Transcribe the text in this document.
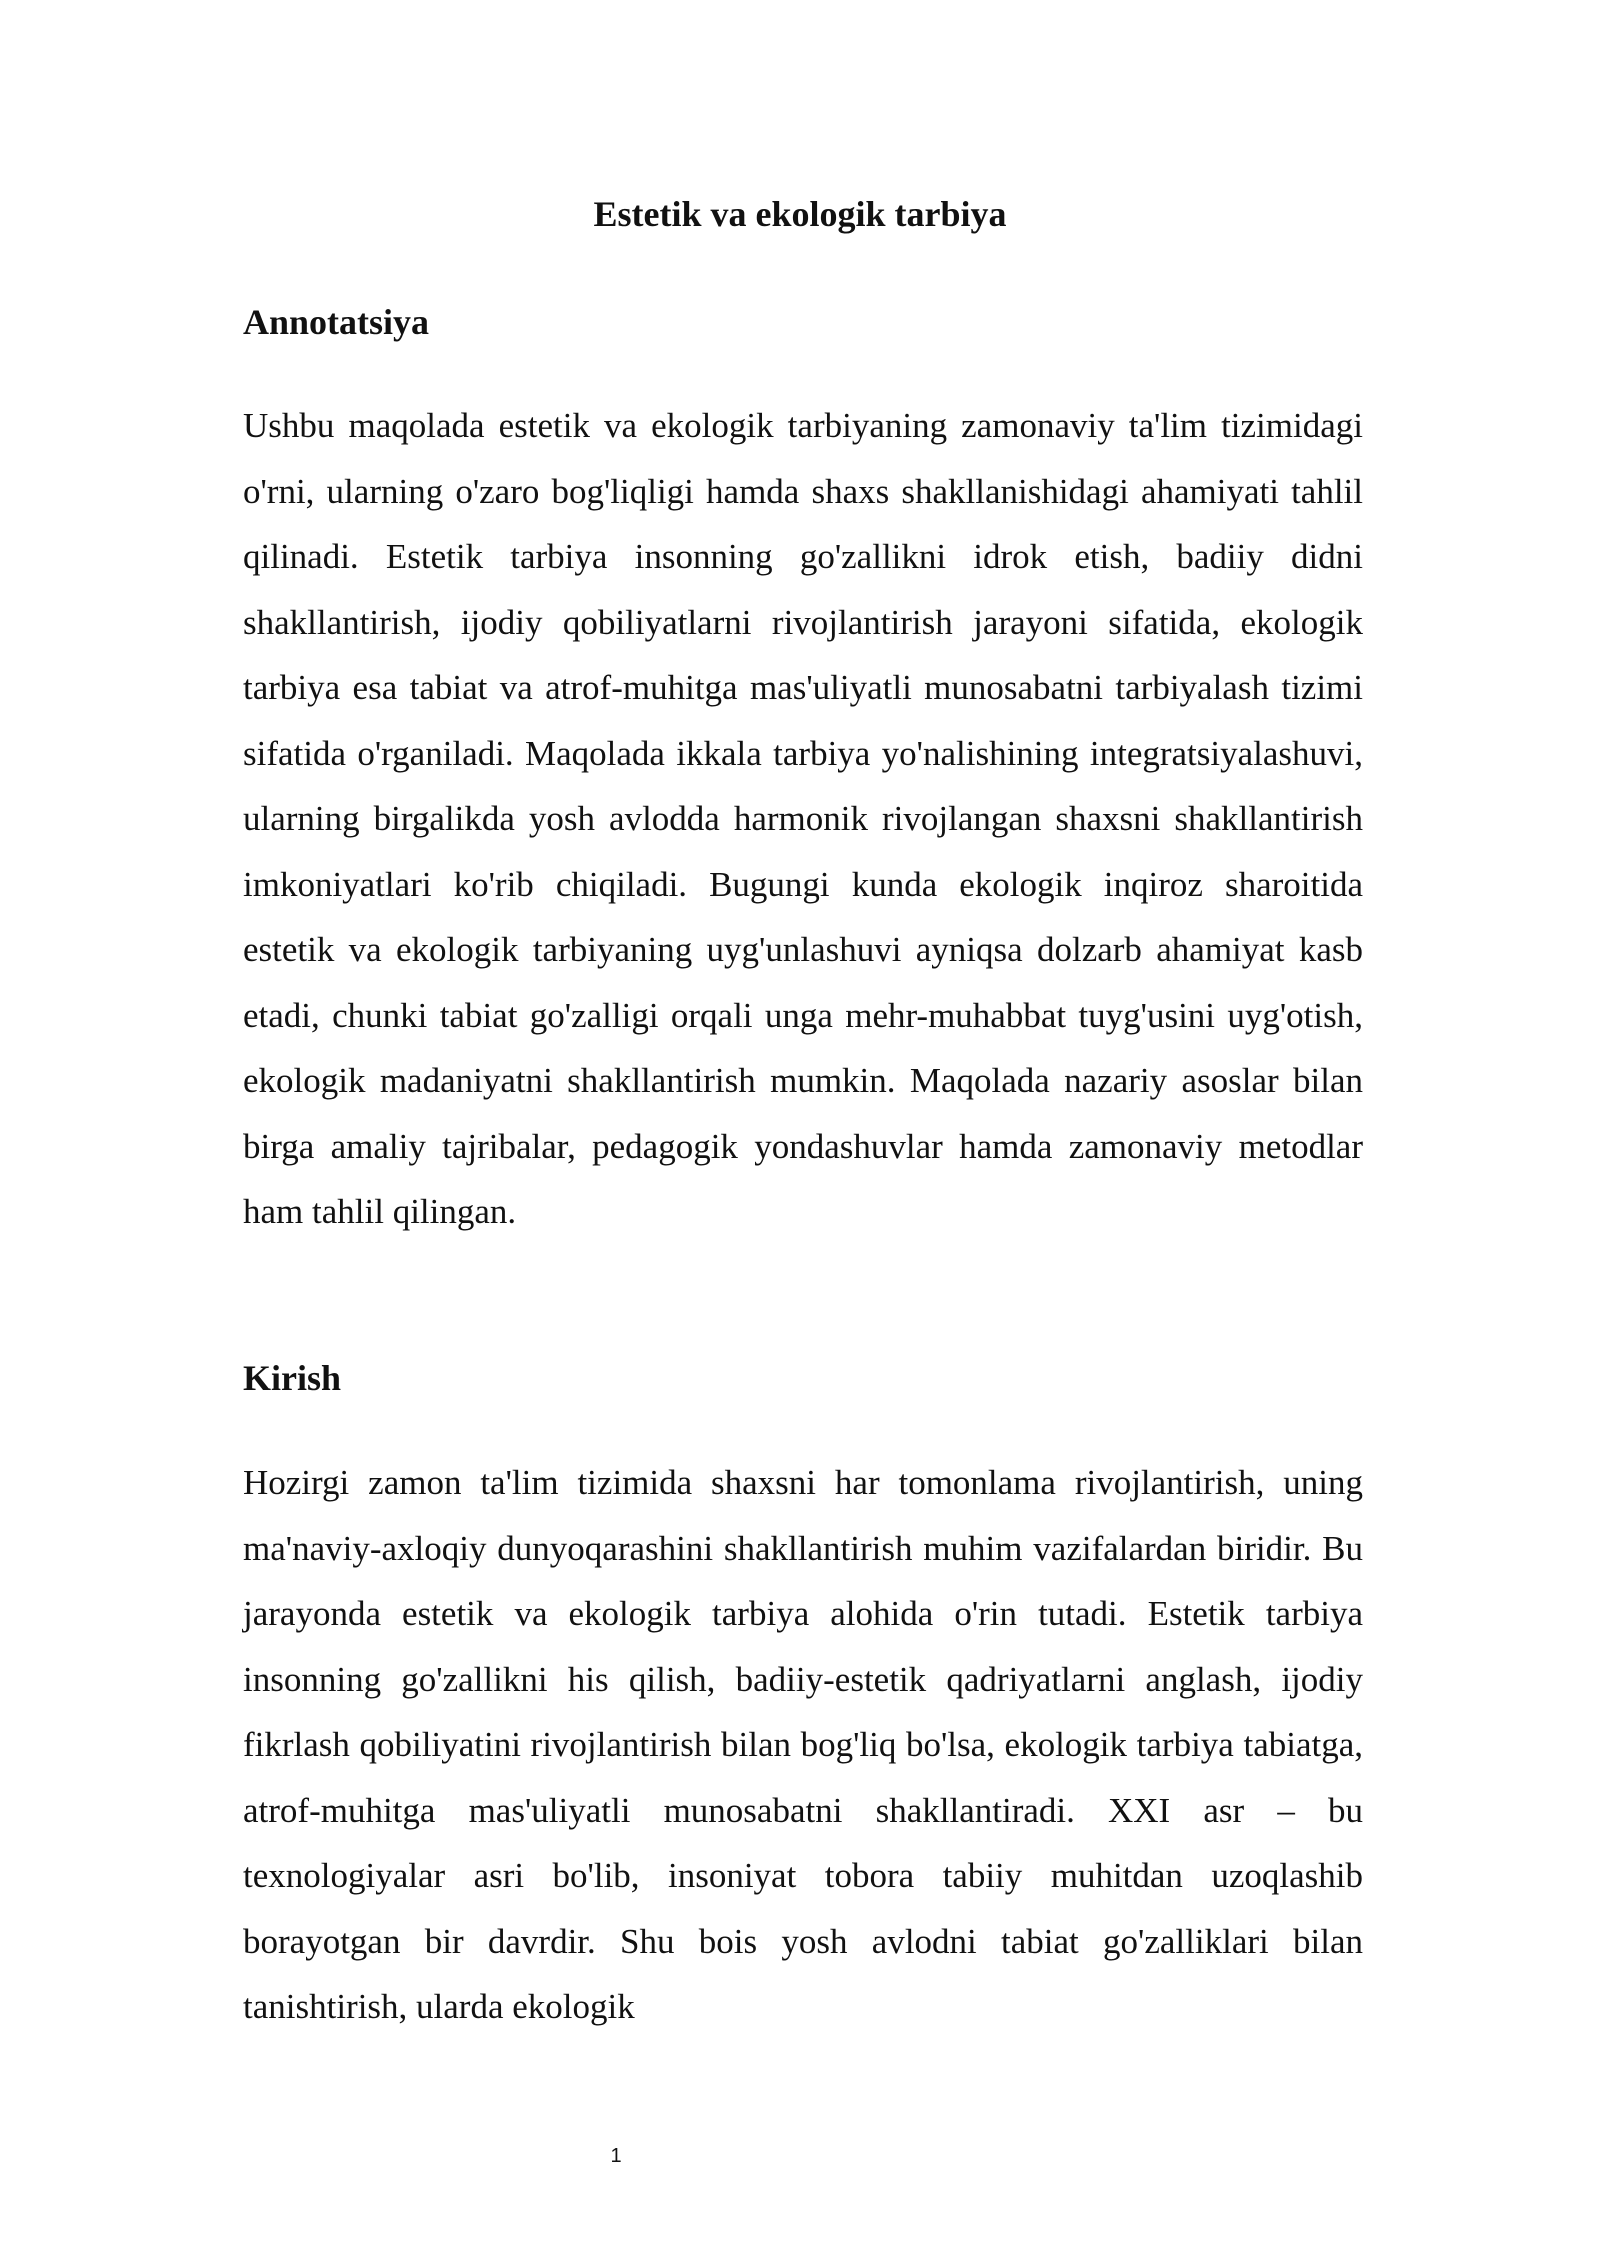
Estetik va ekologik tarbiya
Annotatsiya

Ushbu maqolada estetik va ekologik tarbiyaning zamonaviy ta'lim tizimidagi o'rni, ularning o'zaro bog'liqligi hamda shaxs shakllanishidagi ahamiyati tahlil qilinadi. Estetik tarbiya insonning go'zallikni idrok etish, badiiy didni shakllantirish, ijodiy qobiliyatlarni rivojlantirish jarayoni sifatida, ekologik tarbiya esa tabiat va atrof-muhitga mas'uliyatli munosabatni tarbiyalash tizimi sifatida o'rganiladi. Maqolada ikkala tarbiya yo'nalishining integratsiyalashuvi, ularning birgalikda yosh avlodda harmonik rivojlangan shaxsni shakllantirish imkoniyatlari ko'rib chiqiladi. Bugungi kunda ekologik inqiroz sharoitida estetik va ekologik tarbiyaning uyg'unlashuvi ayniqsa dolzarb ahamiyat kasb etadi, chunki tabiat go'zalligi orqali unga mehr-muhabbat tuyg'usini uyg'otish, ekologik madaniyatni shakllantirish mumkin. Maqolada nazariy asoslar bilan birga amaliy tajribalar, pedagogik yondashuvlar hamda zamonaviy metodlar ham tahlil qilingan.

Kirish

Hozirgi zamon ta'lim tizimida shaxsni har tomonlama rivojlantirish, uning ma'naviy-axloqiy dunyoqarashini shakllantirish muhim vazifalardan biridir. Bu jarayonda estetik va ekologik tarbiya alohida o'rin tutadi. Estetik tarbiya insonning go'zallikni his qilish, badiiy-estetik qadriyatlarni anglash, ijodiy fikrlash qobiliyatini rivojlantirish bilan bog'liq bo'lsa, ekologik tarbiya tabiatga, atrof-muhitga mas'uliyatli munosabatni shakllantiradi. XXI asr – bu texnologiyalar asri bo'lib, insoniyat tobora tabiiy muhitdan uzoqlashib borayotgan bir davrdir. Shu bois yosh avlodni tabiat go'zalliklari bilan tanishtirish, ularda ekologik

1
